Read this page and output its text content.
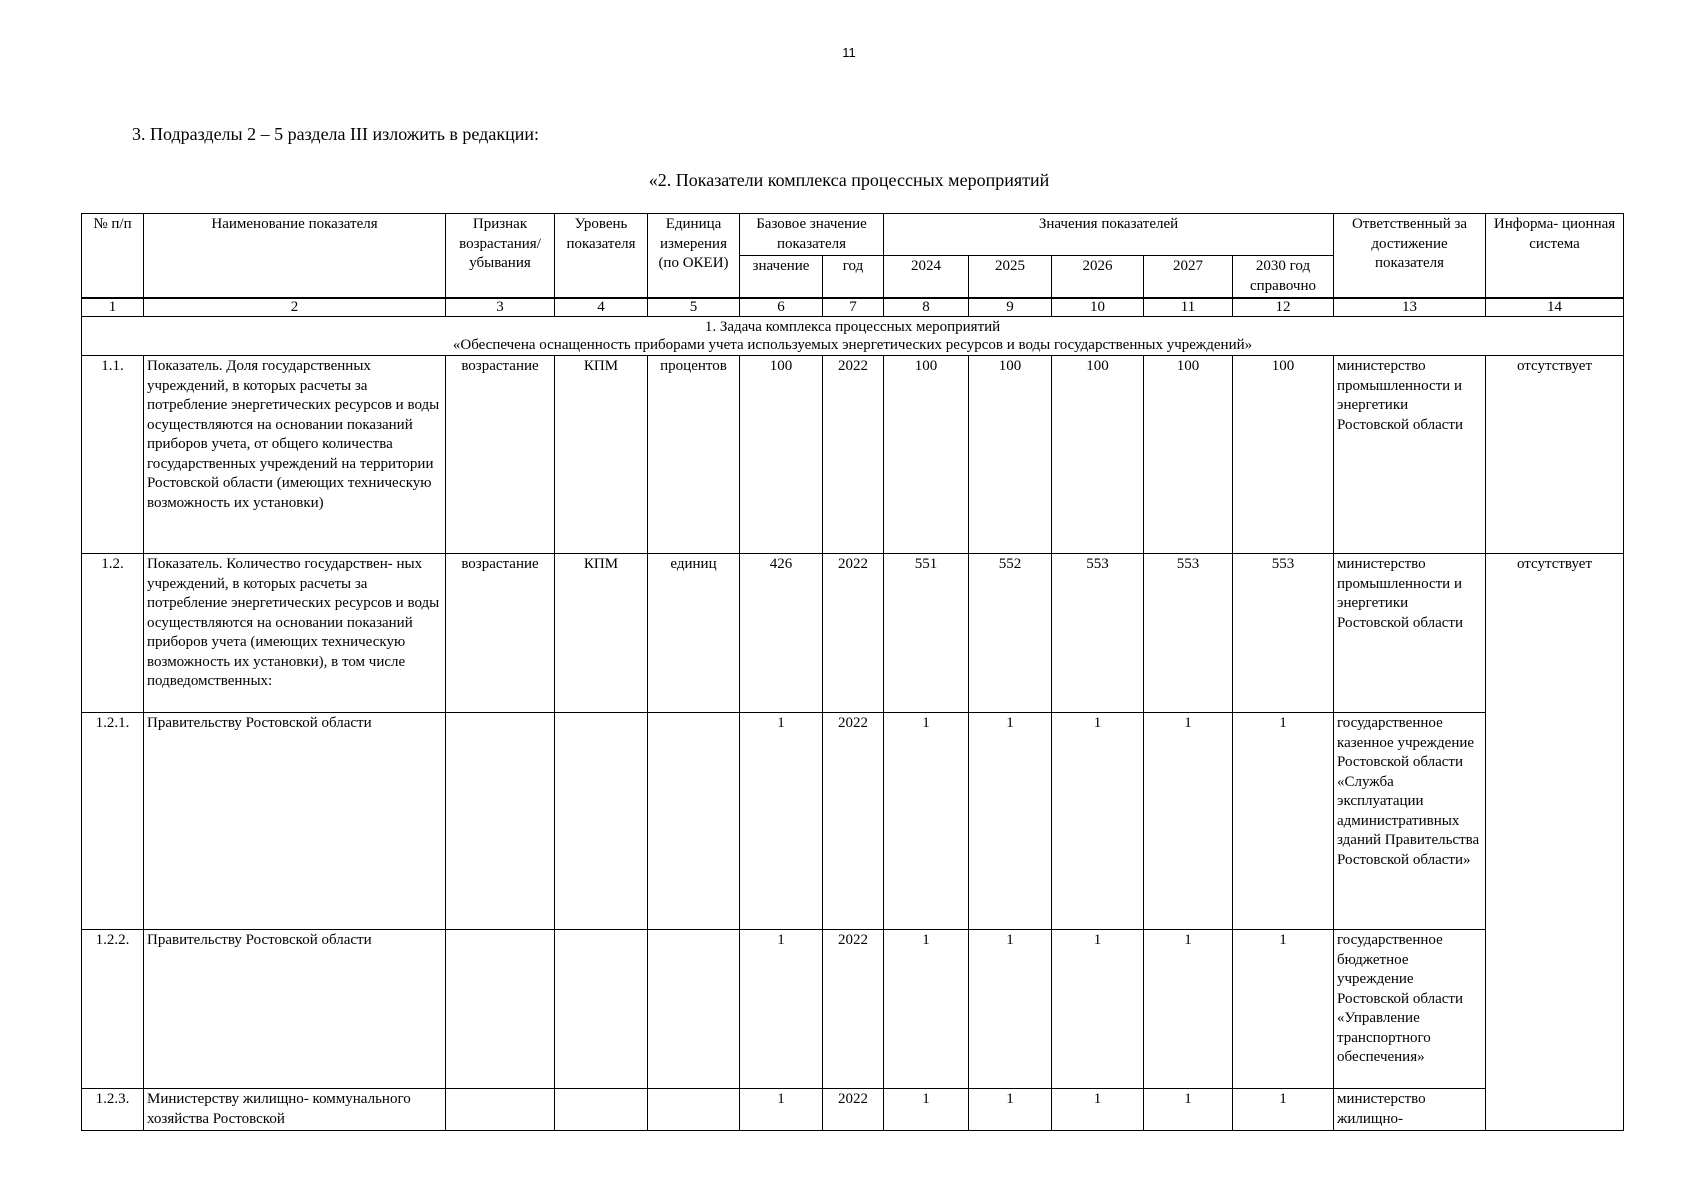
11
3. Подразделы 2 – 5 раздела III изложить в редакции:
«2. Показатели комплекса процессных мероприятий
№ п/п	Наименование показателя	Признак возрастания/ убывания	Уровень показателя	Единица измерения (по ОКЕИ)	Базовое значение показателя		Значения показателей					Ответственный за достижение показателя	Информа- ционная система
					значение	год	2024	2025	2026	2027	2030 год справочно		
1	2	3	4	5	6	7	8	9	10	11	12	13	14

1. Задача комплекса процессных мероприятий
«Обеспечена оснащенность приборами учета используемых энергетических ресурсов и воды государственных учреждений»													

1.1.	Показатель. Доля государственных учреждений, в которых расчеты за потребление энергетических ресурсов и воды осуществляются на основании показаний приборов учета, от общего количества государственных учреждений на территории Ростовской области (имеющих техническую возможность их установки)	возрастание	КПМ	процентов	100	2022	100	100	100	100	100	министерство промышленности и энергетики Ростовской области	отсутствует
1.2.	Показатель. Количество государствен- ных учреждений, в которых расчеты за потребление энергетических ресурсов и воды осуществляются на основании показаний приборов учета (имеющих техническую возможность их установки), в том числе подведомственных:	возрастание	КПМ	единиц	426	2022	551	552	553	553	553	министерство промышленности и энергетики Ростовской области	отсутствует
1.2.1.	Правительству Ростовской области				1	2022	1	1	1	1	1	государственное казенное учреждение Ростовской области «Служба эксплуатации административных зданий Правительства Ростовской области»	
1.2.2.	Правительству Ростовской области				1	2022	1	1	1	1	1	государственное бюджетное учреждение Ростовской области «Управление транспортного обеспечения»	
1.2.3.	Министерству жилищно- коммунального хозяйства Ростовской				1	2022	1	1	1	1	1	министерство жилищно-	
